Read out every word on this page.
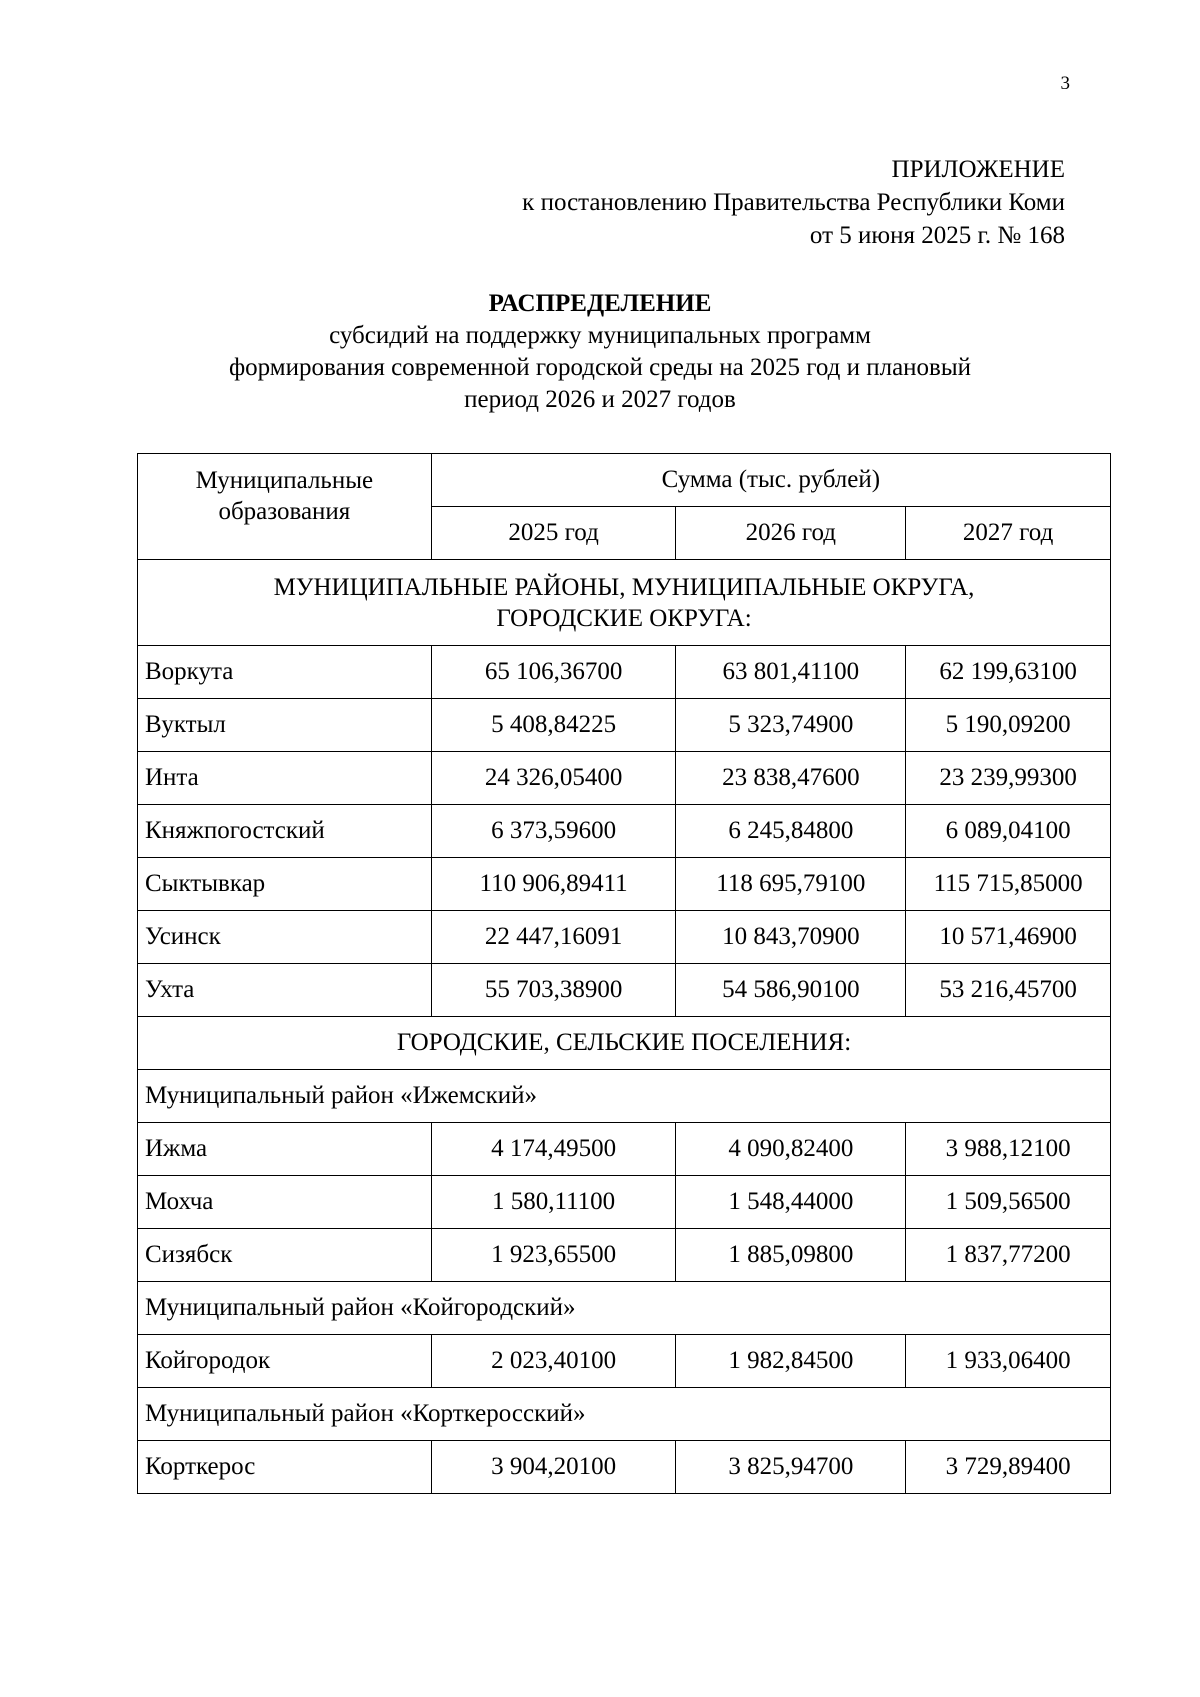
3
ПРИЛОЖЕНИЕ
к постановлению Правительства Республики Коми
от 5 июня 2025 г. № 168
РАСПРЕДЕЛЕНИЕ
субсидий на поддержку муниципальных программ
формирования современной городской среды на 2025 год и плановый
период 2026 и 2027 годов
Муниципальные
образования	Сумма (тыс. рублей)		
	2025 год	2026 год	2027 год

МУНИЦИПАЛЬНЫЕ РАЙОНЫ, МУНИЦИПАЛЬНЫЕ ОКРУГА,
ГОРОДСКИЕ ОКРУГА:			

Воркута	65 106,36700	63 801,41100	62 199,63100
Вуктыл	5 408,84225	5 323,74900	5 190,09200
Инта	24 326,05400	23 838,47600	23 239,99300
Княжпогостский	6 373,59600	6 245,84800	6 089,04100
Сыктывкар	110 906,89411	118 695,79100	115 715,85000
Усинск	22 447,16091	10 843,70900	10 571,46900
Ухта	55 703,38900	54 586,90100	53 216,45700
ГОРОДСКИЕ, СЕЛЬСКИЕ ПОСЕЛЕНИЯ:			
Муниципальный район «Ижемский»			
Ижма	4 174,49500	4 090,82400	3 988,12100
Мохча	1 580,11100	1 548,44000	1 509,56500
Сизябск	1 923,65500	1 885,09800	1 837,77200
Муниципальный район «Койгородский»			
Койгородок	2 023,40100	1 982,84500	1 933,06400
Муниципальный район «Корткеросский»			
Корткерос	3 904,20100	3 825,94700	3 729,89400
